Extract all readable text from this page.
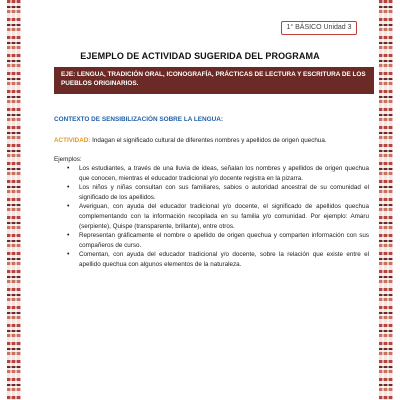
1° BÁSICO Unidad 3
EJEMPLO DE ACTIVIDAD SUGERIDA DEL PROGRAMA
EJE: LENGUA, TRADICIÓN ORAL, ICONOGRAFÍA, PRÁCTICAS DE LECTURA Y ESCRITURA DE LOS PUEBLOS ORIGINARIOS.
CONTEXTO DE SENSIBILIZACIÓN SOBRE LA LENGUA:
ACTIVIDAD: Indagan el significado cultural de diferentes nombres y apellidos de origen quechua.
Ejemplos:
• Los estudiantes, a través de una lluvia de ideas, señalan los nombres y apellidos de origen quechua que conocen, mientras el educador tradicional y/o docente registra en la pizarra.
• Los niños y niñas consultan con sus familiares, sabios o autoridad ancestral de su comunidad el significado de los apellidos.
• Averiguan, con ayuda del educador tradicional y/o docente, el significado de apellidos quechua complementando con la información recopilada en su familia y/o comunidad. Por ejemplo: Amaru (serpiente), Quispe (transparente, brillante), entre otros.
• Representan gráficamente el nombre o apellido de origen quechua y comparten información con sus compañeros de curso.
• Comentan, con ayuda del educador tradicional y/o docente, sobre la relación que existe entre el apellido quechua con algunos elementos de la naturaleza.
